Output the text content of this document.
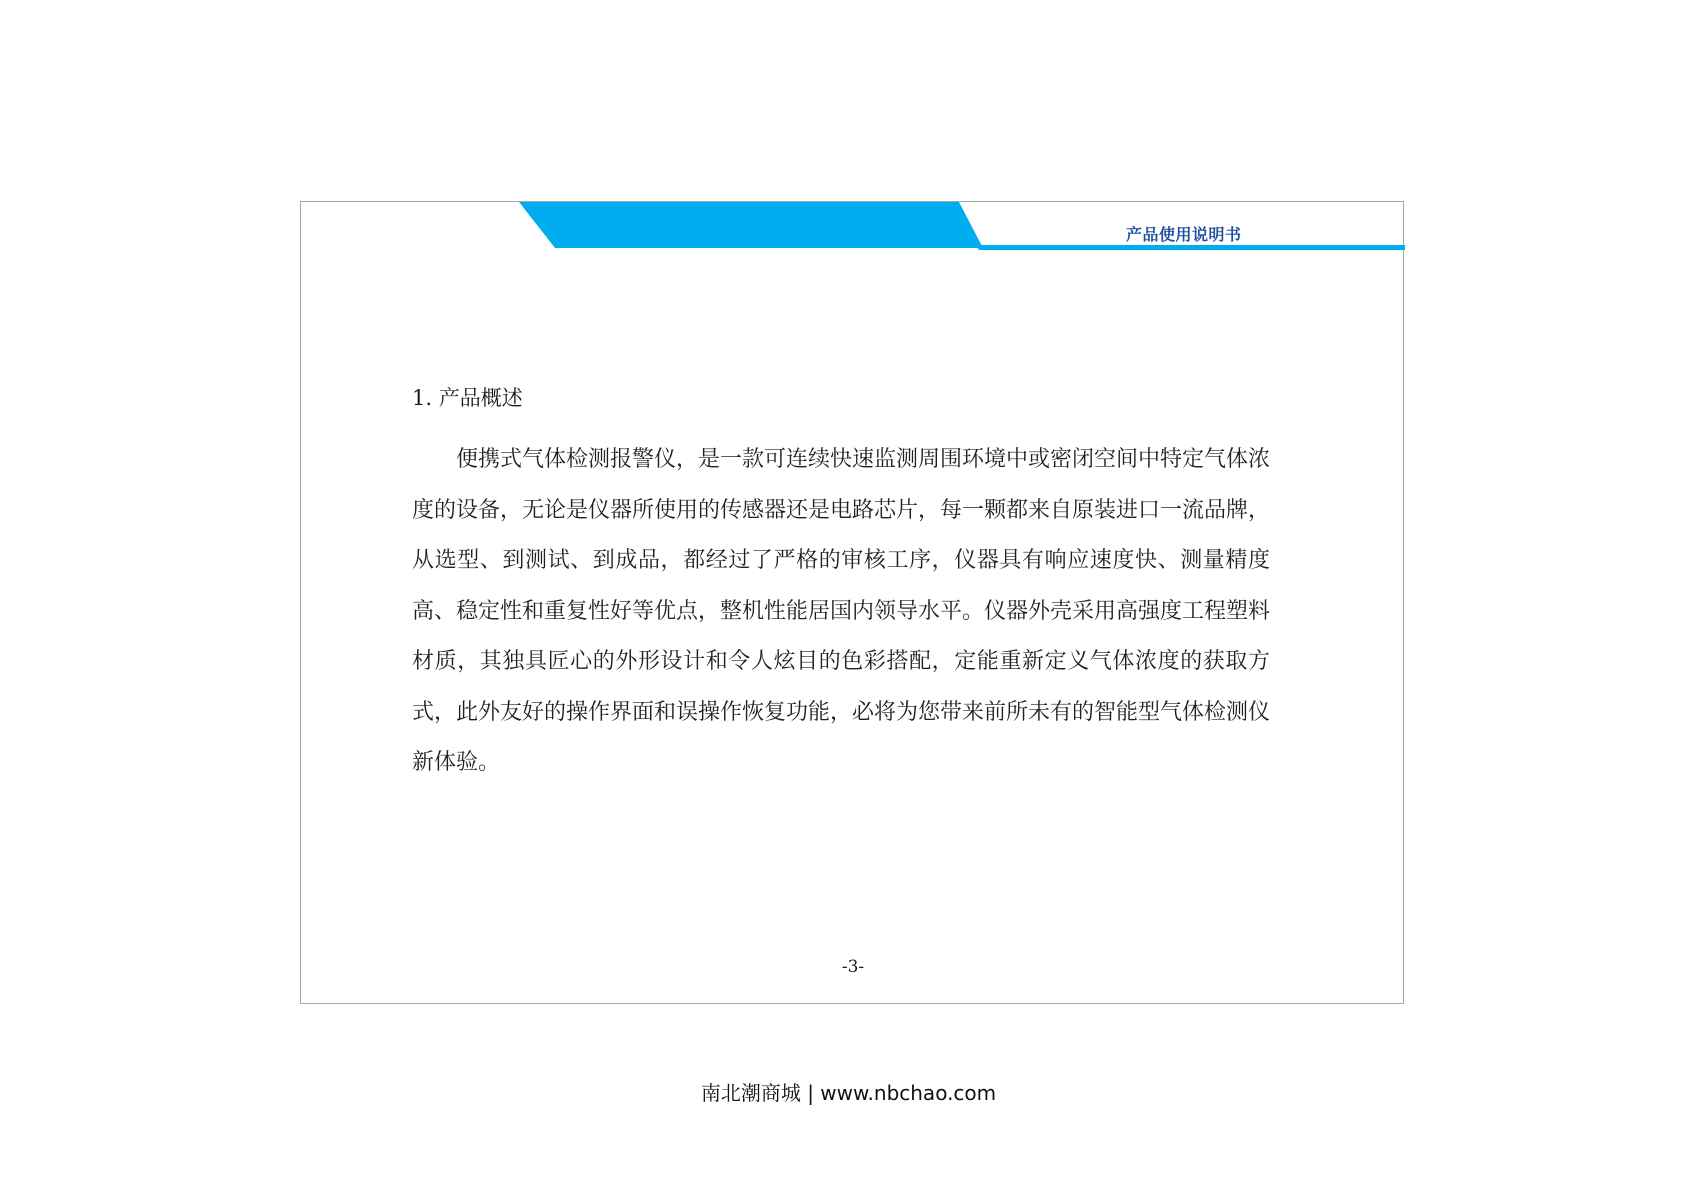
产品使用说明书
1. 产品概述

便携式气体检测报警仪，是一款可连续快速监测周围环境中或密闭空间中特定气体浓度的设备，无论是仪器所使用的传感器还是电路芯片，每一颗都来自原装进口一流品牌，从选型、到测试、到成品，都经过了严格的审核工序，仪器具有响应速度快、测量精度高、稳定性和重复性好等优点，整机性能居国内领导水平。仪器外壳采用高强度工程塑料材质，其独具匠心的外形设计和令人炫目的色彩搭配，定能重新定义气体浓度的获取方式，此外友好的操作界面和误操作恢复功能，必将为您带来前所未有的智能型气体检测仪新体验。

-3-
南北潮商城 | www.nbchao.com
